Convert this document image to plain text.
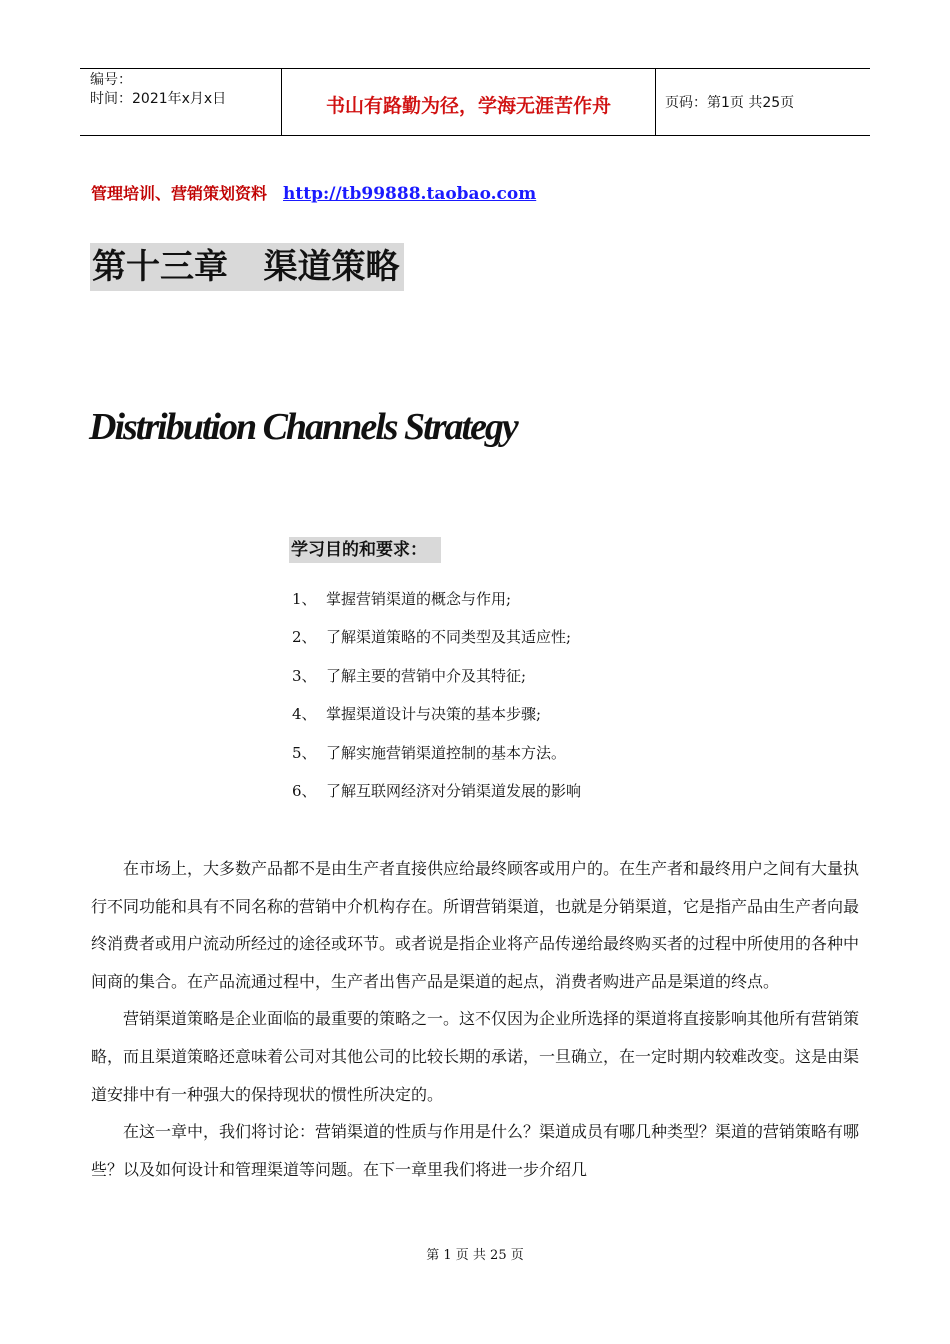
编号：
时间：2021年x月x日	书山有路勤为径，学海无涯苦作舟	页码：第1页 共25页
管理培训、营销策划资料 http://tb99888.taobao.com
第十三章   渠道策略
Distribution Channels Strategy
学习目的和要求：
1、 掌握营销渠道的概念与作用;
2、 了解渠道策略的不同类型及其适应性;
3、 了解主要的营销中介及其特征;
4、 掌握渠道设计与决策的基本步骤;
5、 了解实施营销渠道控制的基本方法。
6、 了解互联网经济对分销渠道发展的影响

在市场上，大多数产品都不是由生产者直接供应给最终顾客或用户的。在生产者和最终用户之间有大量执行不同功能和具有不同名称的营销中介机构存在。所谓营销渠道，也就是分销渠道，它是指产品由生产者向最终消费者或用户流动所经过的途径或环节。或者说是指企业将产品传递给最终购买者的过程中所使用的各种中间商的集合。在产品流通过程中，生产者出售产品是渠道的起点，消费者购进产品是渠道的终点。

营销渠道策略是企业面临的最重要的策略之一。这不仅因为企业所选择的渠道将直接影响其他所有营销策略，而且渠道策略还意味着公司对其他公司的比较长期的承诺，一旦确立，在一定时期内较难改变。这是由渠道安排中有一种强大的保持现状的惯性所决定的。

在这一章中，我们将讨论：营销渠道的性质与作用是什么？渠道成员有哪几种类型？渠道的营销策略有哪些？以及如何设计和管理渠道等问题。在下一章里我们将进一步介绍几

第 1 页 共 25 页
